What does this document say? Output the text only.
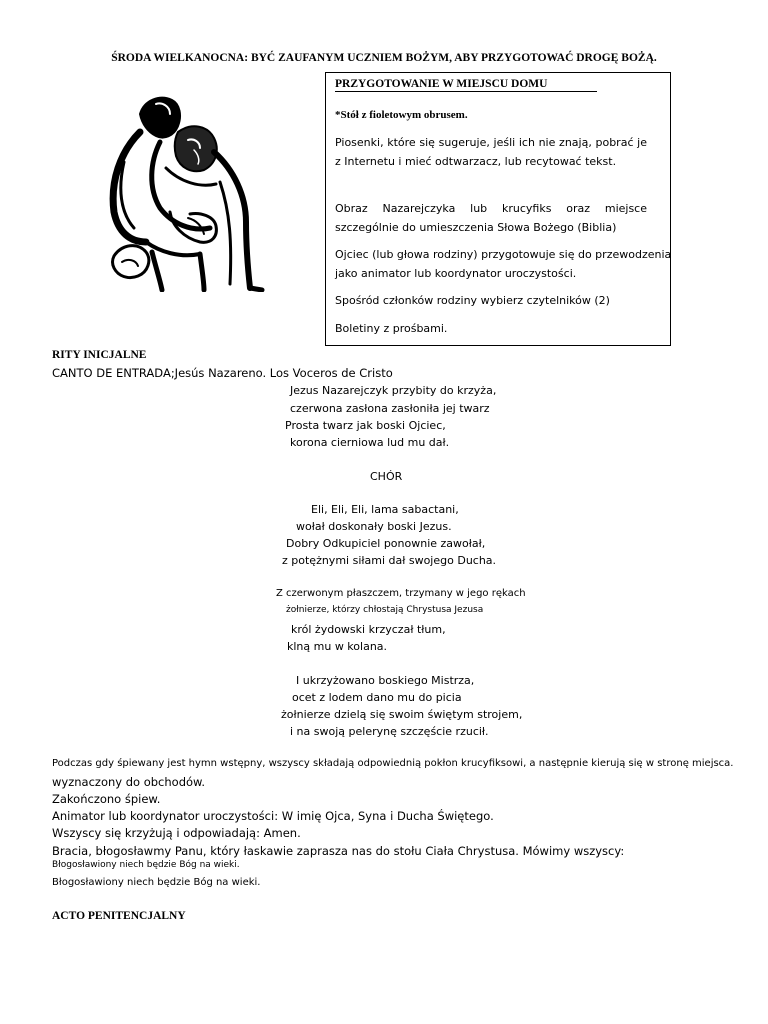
ŚRODA WIELKANOCNA: BYĆ ZAUFANYM UCZNIEM BOŻYM, ABY PRZYGOTOWAĆ DROGĘ BOŻĄ.
PRZYGOTOWANIE W MIEJSCU DOMU
*Stół z fioletowym obrusem.
Piosenki, które się sugeruje, jeśli ich nie znają, pobrać je z Internetu i mieć odtwarzacz, lub recytować tekst.
Obraz Nazarejczyka lub krucyfiks oraz miejsce szczególnie do umieszczenia Słowa Bożego (Biblia)
Ojciec (lub głowa rodziny) przygotowuje się do przewodzenia jako animator lub koordynator uroczystości.
Spośród członków rodziny wybierz czytelników (2)
Boletiny z prośbami.
RITY INICJALNE
CANTO DE ENTRADA;Jesús Nazareno. Los Voceros de Cristo
Jezus Nazarejczyk przybity do krzyża,
czerwona zasłona zasłoniła jej twarz
Prosta twarz jak boski Ojciec,
korona cierniowa lud mu dał.
CHÓR
Eli, Eli, Eli, lama sabactani,
wołał doskonały boski Jezus.
Dobry Odkupiciel ponownie zawołał,
z potężnymi siłami dał swojego Ducha.
Z czerwonym płaszczem, trzymany w jego rękach
żołnierze, którzy chłostają Chrystusa Jezusa
król żydowski krzyczał tłum,
klną mu w kolana.
I ukrzyżowano boskiego Mistrza,
ocet z lodem dano mu do picia
żołnierze dzielą się swoim świętym strojem,
i na swoją pelerynę szczęście rzucił.
Podczas gdy śpiewany jest hymn wstępny, wszyscy składają odpowiednią pokłon krucyfiksowi, a następnie kierują się w stronę miejsca.
wyznaczony do obchodów.
Zakończono śpiew.
Animator lub koordynator uroczystości: W imię Ojca, Syna i Ducha Świętego.
Wszyscy się krzyżują i odpowiadają: Amen.
Bracia, błogosławmy Panu, który łaskawie zaprasza nas do stołu Ciała Chrystusa. Mówimy wszyscy:
Błogosławiony niech będzie Bóg na wieki.
Błogosławiony niech będzie Bóg na wieki.
ACTO PENITENCJALNY
